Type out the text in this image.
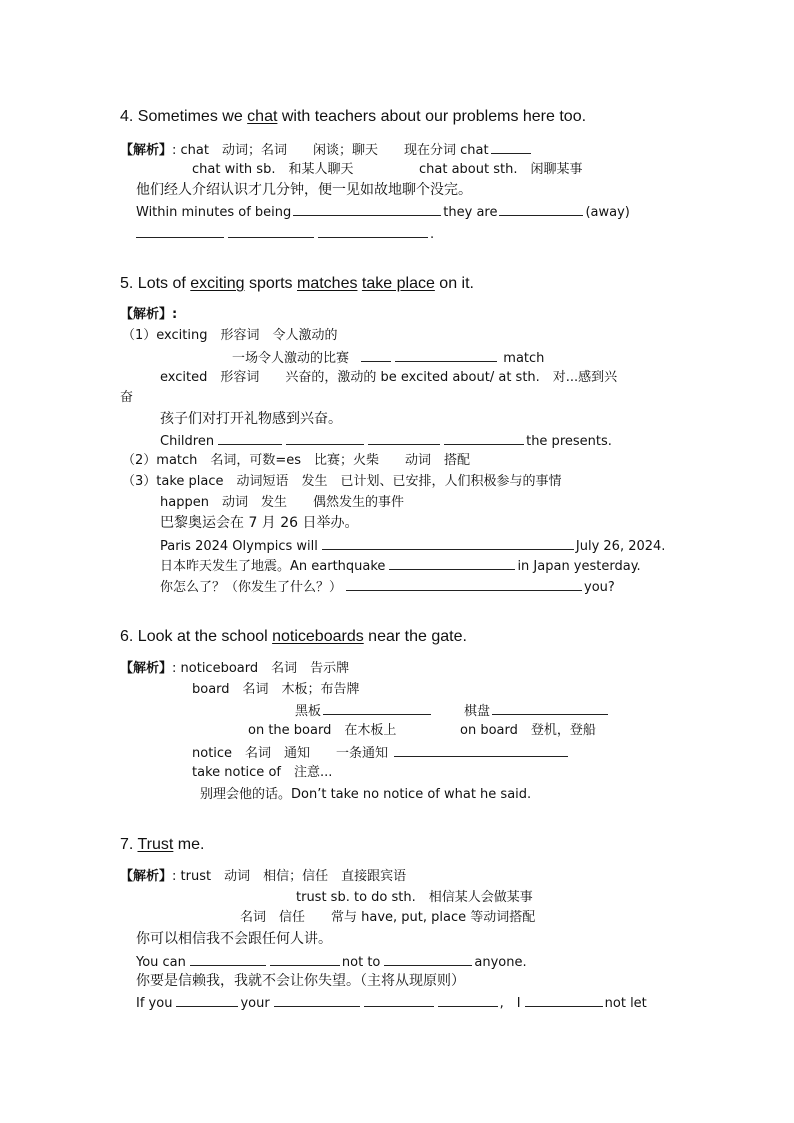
4. Sometimes we chat with teachers about our problems here too.
【解析】: chat　动词；名词　　闲谈；聊天　　现在分词 chat
chat with sb.　和某人聊天	chat about sth.　闲聊某事
他们经人介绍认识才几分钟，便一见如故地聊个没完。
Within minutes of being	they are	(away)
.
5. Lots of exciting sports matches take place on it.
【解析】:
（1）exciting　形容词　令人激动的
一场令人激动的比赛	match
excited　形容词　　兴奋的，激动的 be excited about/ at sth.　对...感到兴
奋
孩子们对打开礼物感到兴奋。
Children	the presents.
（2）match　名词，可数=es　比赛；火柴　　动词　搭配
（3）take place　动词短语　发生　已计划、已安排，人们积极参与的事情
happen　动词　发生　　偶然发生的事件
巴黎奥运会在 7 月 26 日举办。
Paris 2024 Olympics will	July 26, 2024.
日本昨天发生了地震。An earthquake	in Japan yesterday.
你怎么了？（你发生了什么？）	you?
6. Look at the school noticeboards near the gate.
【解析】: noticeboard　名词　告示牌
board　名词　木板；布告牌
黑板	棋盘
on the board　在木板上	on board　登机，登船
notice　名词　通知　　一条通知
take notice of　注意...
别理会他的话。Don’t take no notice of what he said.
7. Trust me.
【解析】: trust　动词　相信；信任　直接跟宾语
trust sb. to do sth.　相信某人会做某事
名词　信任　　常与 have, put, place 等动词搭配
你可以相信我不会跟任何人讲。
You can	not to	anyone.
你要是信赖我，我就不会让你失望。（主将从现原则）
If you	your	,　I	not let
